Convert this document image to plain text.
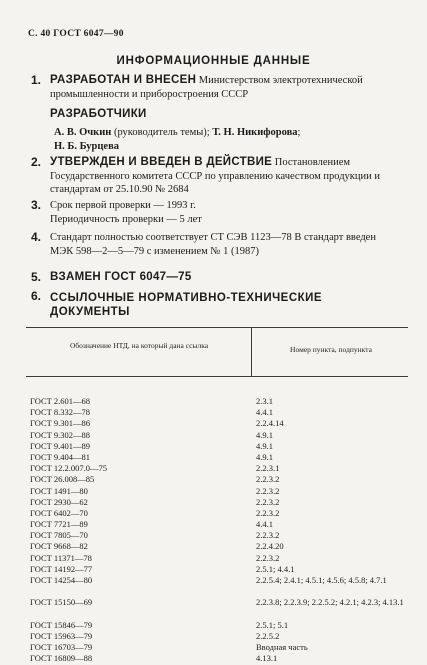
С. 40 ГОСТ 6047—90
ИНФОРМАЦИОННЫЕ ДАННЫЕ
1. РАЗРАБОТАН И ВНЕСЕН Министерством электротехнической промышленности и приборостроения СССР
РАЗРАБОТЧИКИ
А. В. Очкин (руководитель темы); Т. Н. Никифорова;
Н. Б. Бурцева
2. УТВЕРЖДЕН И ВВЕДЕН В ДЕЙСТВИЕ Постановлением Государственного комитета СССР по управлению качеством продукции и стандартам от 25.10.90 № 2684
3. Срок первой проверки — 1993 г.
Периодичность проверки — 5 лет
4. Стандарт полностью соответствует СТ СЭВ 1123—78 В стандарт введен МЭК 598—2—5—79 с изменением № 1 (1987)
5. ВЗАМЕН ГОСТ 6047—75
6. ССЫЛОЧНЫЕ НОРМАТИВНО-ТЕХНИЧЕСКИЕ ДОКУМЕНТЫ
Обозначение НТД, на который дана ссылка	Номер пункта, подпункта
ГОСТ 2.601—68	2.3.1
ГОСТ 8.332—78	4.4.1
ГОСТ 9.301—86	2.2.4.14
ГОСТ 9.302—88	4.9.1
ГОСТ 9.401—89	4.9.1
ГОСТ 9.404—81	4.9.1
ГОСТ 12.2.007.0—75	2.2.3.1
ГОСТ 26.008—85	2.2.3.2
ГОСТ 1491—80	2.2.3.2
ГОСТ 2930—62	2.2.3.2
ГОСТ 6402—70	2.2.3.2
ГОСТ 7721—89	4.4.1
ГОСТ 7805—70	2.2.3.2
ГОСТ 9668—82	2.2.4.20
ГОСТ 11371—78	2.2.3.2
ГОСТ 14192—77	2.5.1; 4.4.1
ГОСТ 14254—80	2.2.5.4; 2.4.1; 4.5.1; 4.5.6; 4.5.8; 4.7.1
ГОСТ 15150—69	2.2.3.8; 2.2.3.9; 2.2.5.2; 4.2.1; 4.2.3; 4.13.1
ГОСТ 15846—79	2.5.1; 5.1
ГОСТ 15963—79	2.2.5.2
ГОСТ 16703—79	Вводная часть
ГОСТ 16809—88	4.13.1
